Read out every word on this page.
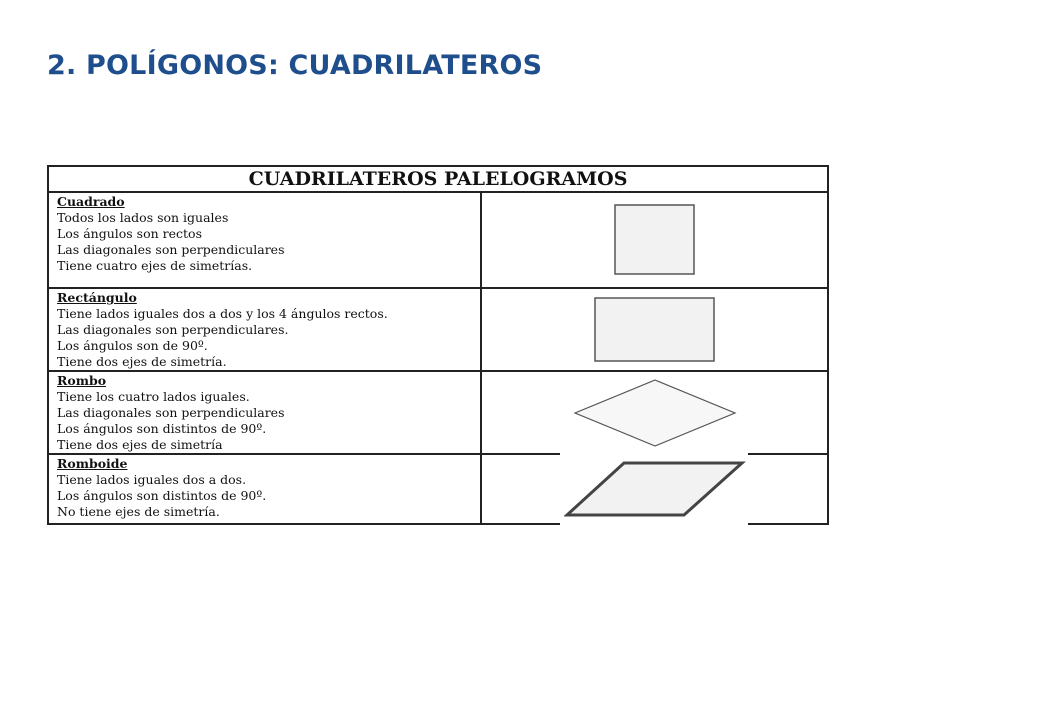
2. POLÍGONOS: CUADRILATEROS
CUADRILATEROS PALELOGRAMOS	

Cuadrado
Todos los lados son iguales
Los ángulos son rectos
Las diagonales son perpendiculares
Tiene cuatro ejes de simetrías.

Rectángulo
Tiene lados iguales dos a dos y los 4 ángulos rectos.
Las diagonales son perpendiculares.
Los ángulos son de 90º.
Tiene dos ejes de simetría.

Rombo
Tiene los cuatro lados iguales.
Las diagonales son perpendiculares
Los ángulos son distintos de 90º.
Tiene dos ejes de simetría

Romboide
Tiene lados iguales dos a dos.
Los ángulos son distintos de 90º.
No tiene ejes de simetría.
